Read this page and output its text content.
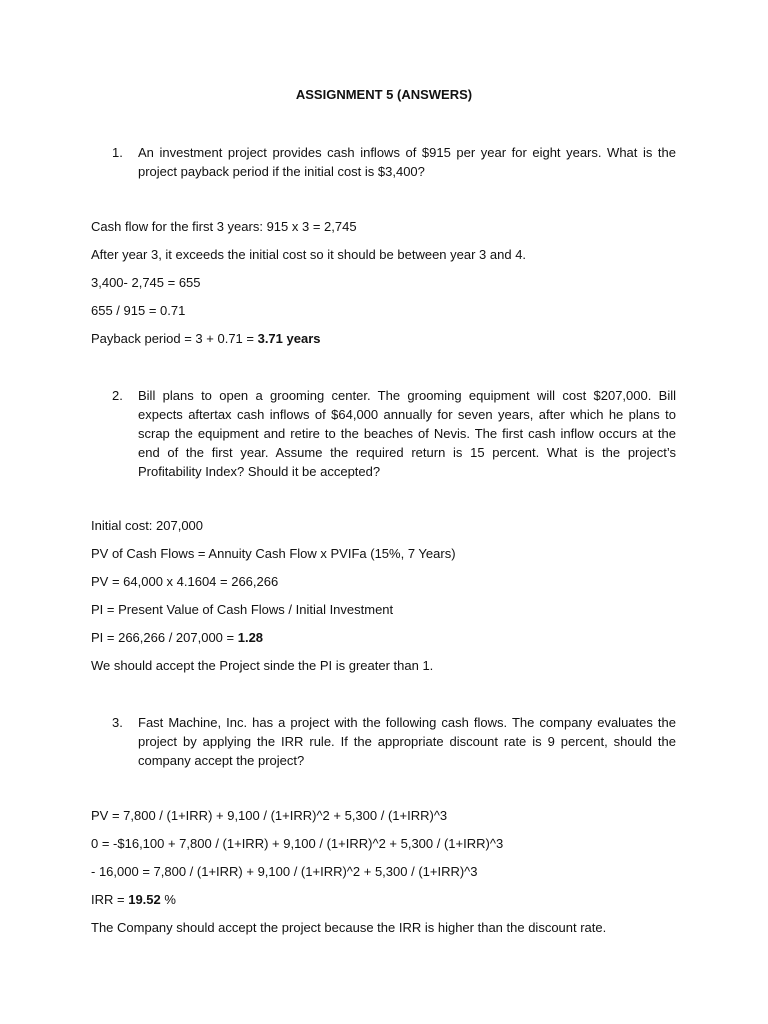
ASSIGNMENT 5 (ANSWERS)
1. An investment project provides cash inflows of $915 per year for eight years. What is the project payback period if the initial cost is $3,400?
Cash flow for the first 3 years: 915 x 3 = 2,745
After year 3, it exceeds the initial cost so it should be between year 3 and 4.
3,400- 2,745 = 655
655 / 915 = 0.71
Payback period = 3 + 0.71 = 3.71 years
2. Bill plans to open a grooming center. The grooming equipment will cost $207,000. Bill expects aftertax cash inflows of $64,000 annually for seven years, after which he plans to scrap the equipment and retire to the beaches of Nevis. The first cash inflow occurs at the end of the first year. Assume the required return is 15 percent. What is the project’s Profitability Index? Should it be accepted?
Initial cost: 207,000
PV of Cash Flows = Annuity Cash Flow x PVIFa (15%, 7 Years)
PV = 64,000 x 4.1604 = 266,266
PI = Present Value of Cash Flows / Initial Investment
PI = 266,266 / 207,000 = 1.28
We should accept the Project sinde the PI is greater than 1.
3. Fast Machine, Inc. has a project with the following cash flows. The company evaluates the project by applying the IRR rule. If the appropriate discount rate is 9 percent, should the company accept the project?
PV = 7,800 / (1+IRR) + 9,100 / (1+IRR)^2 + 5,300 / (1+IRR)^3
0 = -$16,100 + 7,800 / (1+IRR) + 9,100 / (1+IRR)^2 + 5,300 / (1+IRR)^3
- 16,000 = 7,800 / (1+IRR) + 9,100 / (1+IRR)^2 + 5,300 / (1+IRR)^3
IRR = 19.52 %
The Company should accept the project because the IRR is higher than the discount rate.
